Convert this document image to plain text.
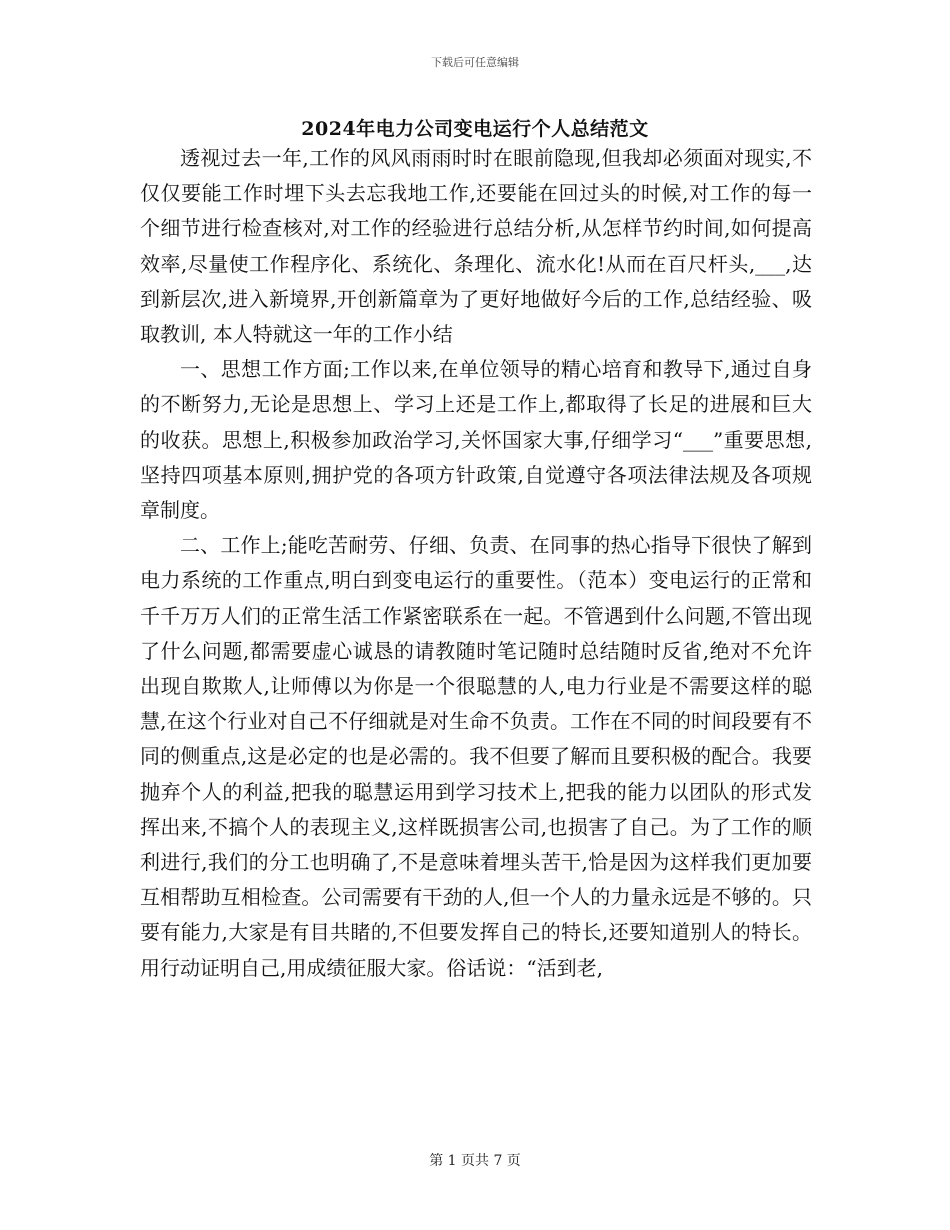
下载后可任意编辑
2024年电力公司变电运行个人总结范文

透视过去一年,工作的风风雨雨时时在眼前隐现,但我却必须面对现实,不仅仅要能工作时埋下头去忘我地工作,还要能在回过头的时候,对工作的每一个细节进行检查核对,对工作的经验进行总结分析,从怎样节约时间,如何提高效率,尽量使工作程序化、系统化、条理化、流水化!从而在百尺杆头,___,达到新层次,进入新境界,开创新篇章为了更好地做好今后的工作,总结经验、吸取教训, 本人特就这一年的工作小结

一、思想工作方面;工作以来,在单位领导的精心培育和教导下,通过自身的不断努力,无论是思想上、学习上还是工作上,都取得了长足的进展和巨大的收获。思想上,积极参加政治学习,关怀国家大事,仔细学习“___”重要思想,坚持四项基本原则,拥护党的各项方针政策,自觉遵守各项法律法规及各项规章制度。

二、工作上;能吃苦耐劳、仔细、负责、在同事的热心指导下很快了解到电力系统的工作重点,明白到变电运行的重要性。（范本）变电运行的正常和千千万万人们的正常生活工作紧密联系在一起。不管遇到什么问题,不管出现了什么问题,都需要虚心诚恳的请教随时笔记随时总结随时反省,绝对不允许出现自欺欺人,让师傅以为你是一个很聪慧的人,电力行业是不需要这样的聪慧,在这个行业对自己不仔细就是对生命不负责。工作在不同的时间段要有不同的侧重点,这是必定的也是必需的。我不但要了解而且要积极的配合。我要抛弃个人的利益,把我的聪慧运用到学习技术上,把我的能力以团队的形式发挥出来,不搞个人的表现主义,这样既损害公司,也损害了自己。为了工作的顺利进行,我们的分工也明确了,不是意味着埋头苦干,恰是因为这样我们更加要互相帮助互相检查。公司需要有干劲的人,但一个人的力量永远是不够的。只要有能力,大家是有目共睹的,不但要发挥自己的特长,还要知道别人的特长。用行动证明自己,用成绩征服大家。俗话说：“活到老,

第 1 页共 7 页
